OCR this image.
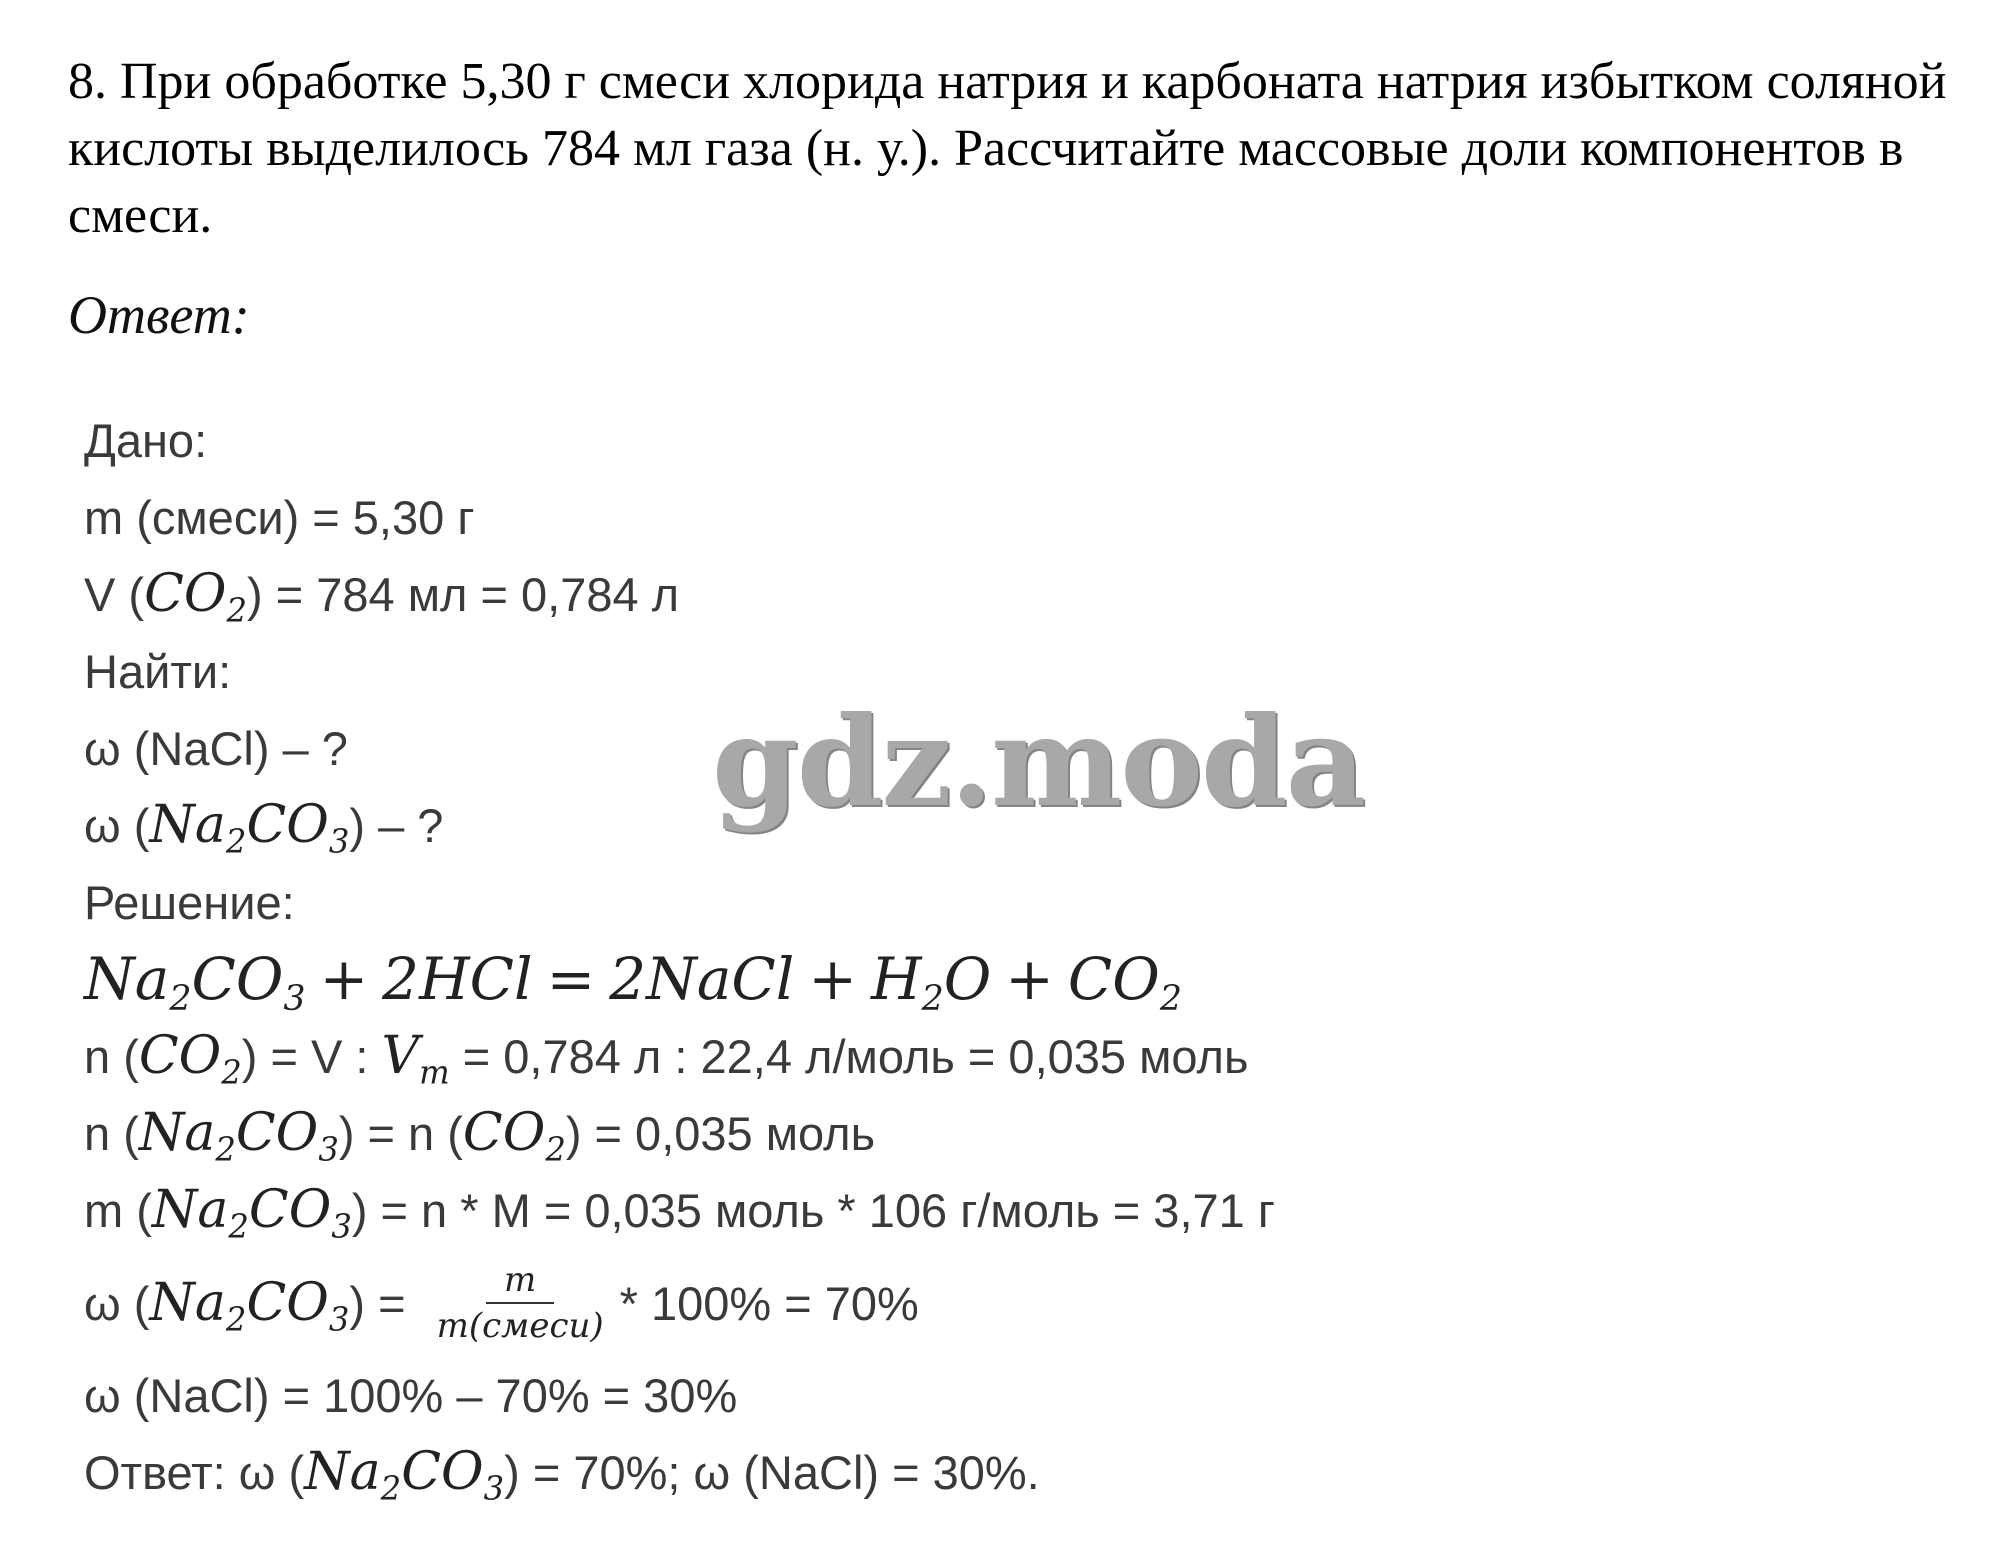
8. При обработке 5,30 г смеси хлорида натрия и карбоната натрия избытком соляной кислоты выделилось 784 мл газа (н. у.). Рассчитайте массовые доли компонентов в смеси.
Ответ:
Дано:
m (смеси) = 5,30 г
V $(CO_2) = 784$ мл = 0,784 л
Найти:
ω (NaCl) – ?
ω $(Na_2CO_3)$ – ?
Решение:
$Na_2CO_3 + 2HCl$ = 2NaCl + $H_2O + CO_2$
n $(CO_2) = V$ : $V_m = 0,784$ л : 22,4 л/моль = 0,035 моль
n $(Na_2CO_3) = n$ $(CO_2) = 0,035$ моль
m $(Na_2CO_3) = n * M = 0,035$ моль * 106 г/моль = 3,71 г
ω ( $Na_2CO_3$ ) = $\frac{m}{\text{m(смеси)}} * 100\% = 70\%$
ω (NaCl) = 100% – 70% = 30%
Ответ: ω $(Na_2CO_3) = 70\%$; ω (NaCl) = 30%.
gdz.moda
